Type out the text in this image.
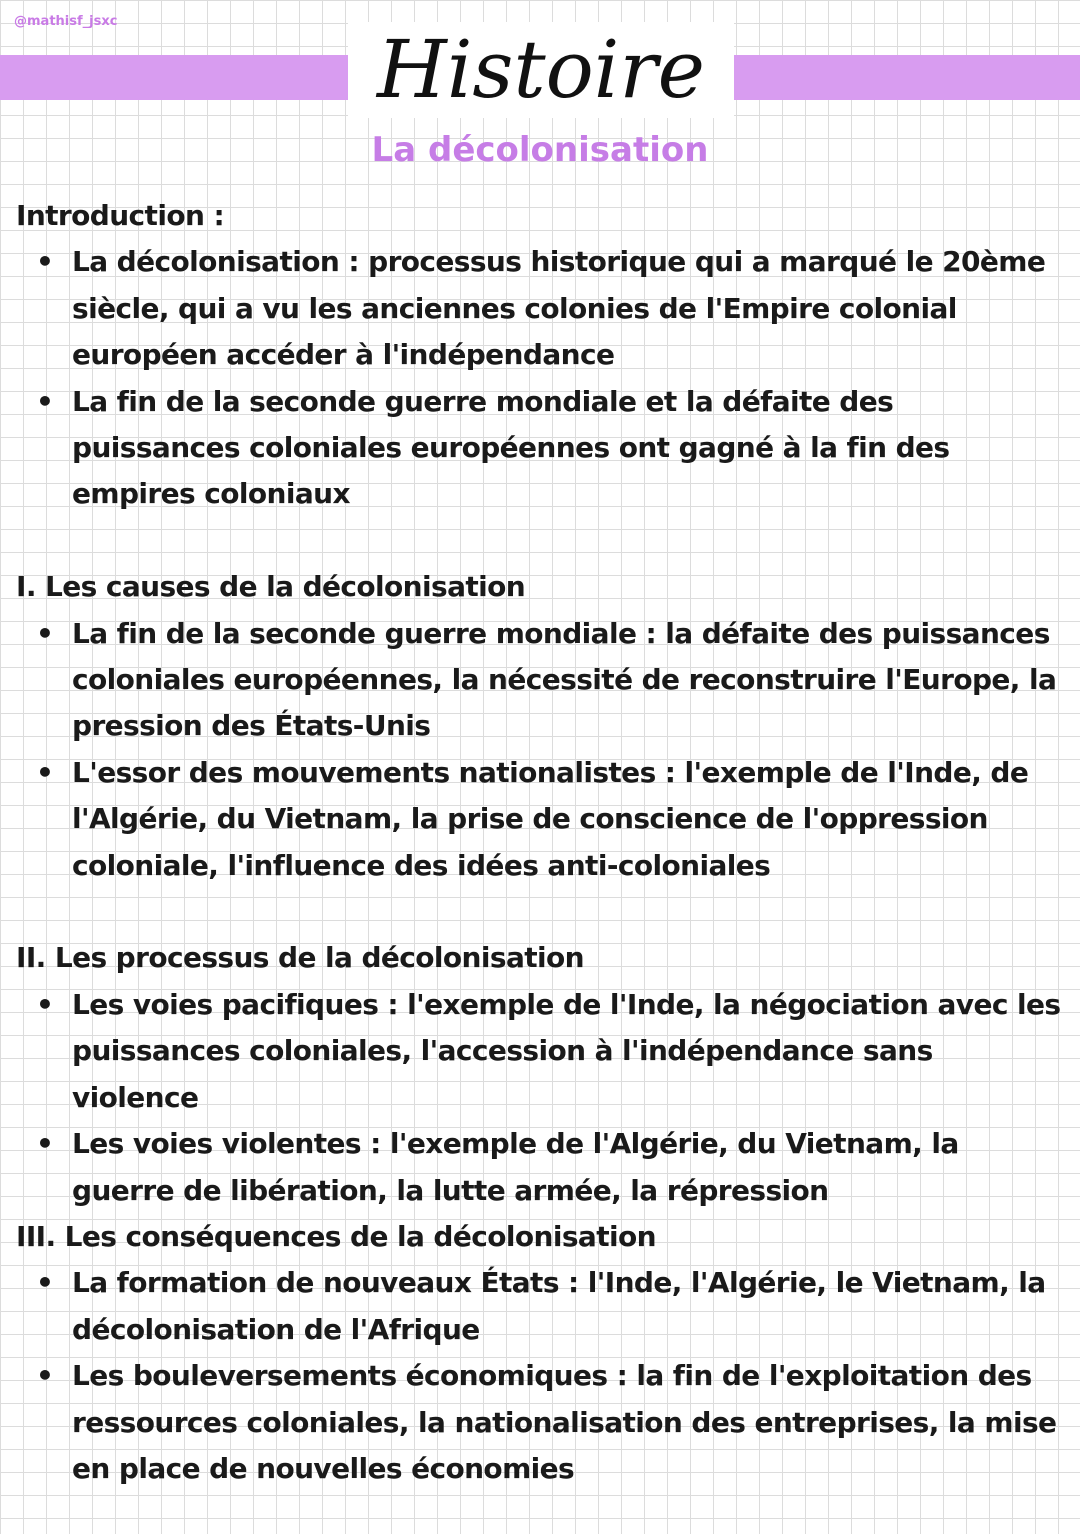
@mathisf_jsxc
Histoire
La décolonisation

Introduction :

• La décolonisation : processus historique qui a marqué le 20ème siècle, qui a vu les anciennes colonies de l'Empire colonial européen accéder à l'indépendance
• La fin de la seconde guerre mondiale et la défaite des puissances coloniales européennes ont gagné à la fin des empires coloniaux

I. Les causes de la décolonisation

• La fin de la seconde guerre mondiale : la défaite des puissances coloniales européennes, la nécessité de reconstruire l'Europe, la pression des États-Unis
• L'essor des mouvements nationalistes : l'exemple de l'Inde, de l'Algérie, du Vietnam, la prise de conscience de l'oppression coloniale, l'influence des idées anti-coloniales

II. Les processus de la décolonisation

• Les voies pacifiques : l'exemple de l'Inde, la négociation avec les puissances coloniales, l'accession à l'indépendance sans violence
• Les voies violentes : l'exemple de l'Algérie, du Vietnam, la guerre de libération, la lutte armée, la répression

III. Les conséquences de la décolonisation

• La formation de nouveaux États : l'Inde, l'Algérie, le Vietnam, la décolonisation de l'Afrique
• Les bouleversements économiques : la fin de l'exploitation des ressources coloniales, la nationalisation des entreprises, la mise en place de nouvelles économies
